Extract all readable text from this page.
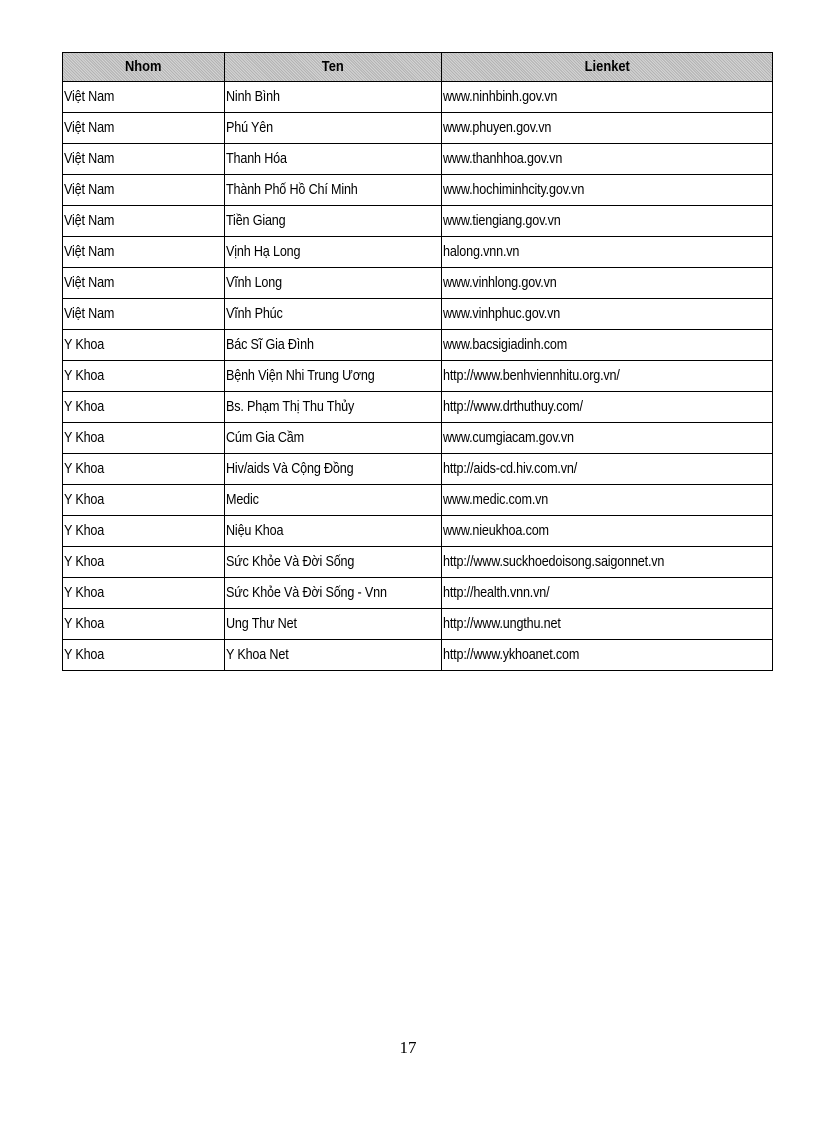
Nhom	Ten	Lienket
Việt Nam	Ninh Bình	www.ninhbinh.gov.vn
Việt Nam	Phú Yên	www.phuyen.gov.vn
Việt Nam	Thanh Hóa	www.thanhhoa.gov.vn
Việt Nam	Thành Phố Hồ Chí Minh	www.hochiminhcity.gov.vn
Việt Nam	Tiền Giang	www.tiengiang.gov.vn
Việt Nam	Vịnh Hạ Long	halong.vnn.vn
Việt Nam	Vĩnh Long	www.vinhlong.gov.vn
Việt Nam	Vĩnh Phúc	www.vinhphuc.gov.vn
Y Khoa	Bác Sĩ Gia Đình	www.bacsigiadinh.com
Y Khoa	Bệnh Viện Nhi Trung Ương	http://www.benhviennhitu.org.vn/
Y Khoa	Bs. Phạm Thị Thu Thủy	http://www.drthuthuy.com/
Y Khoa	Cúm Gia Cầm	www.cumgiacam.gov.vn
Y Khoa	Hiv/aids Và Cộng Đồng	http://aids-cd.hiv.com.vn/
Y Khoa	Medic	www.medic.com.vn
Y Khoa	Niệu Khoa	www.nieukhoa.com
Y Khoa	Sức Khỏe Và Đời Sống	http://www.suckhoedoisong.saigonnet.vn
Y Khoa	Sức Khỏe Và Đời Sống - Vnn	http://health.vnn.vn/
Y Khoa	Ung Thư Net	http://www.ungthu.net
Y Khoa	Y Khoa Net	http://www.ykhoanet.com
17
